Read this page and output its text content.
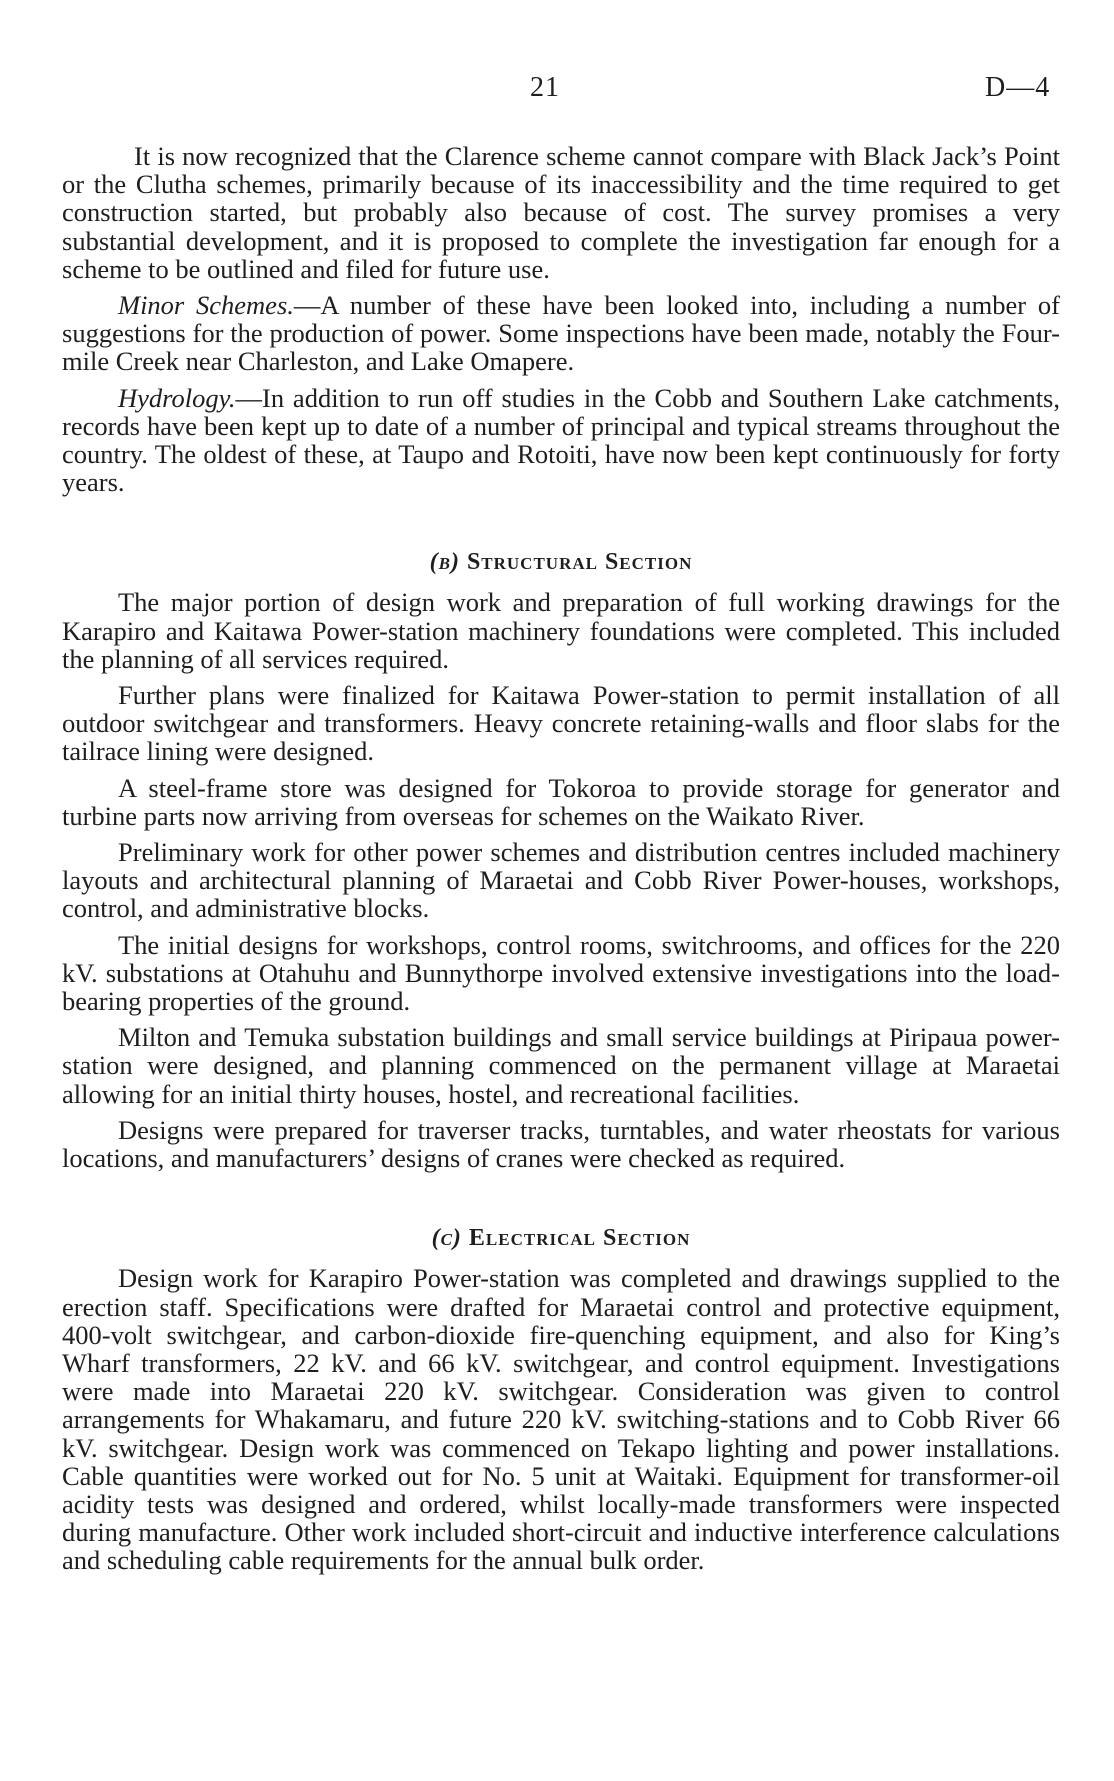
21	D—4

It is now recognized that the Clarence scheme cannot compare with Black Jack’s Point or the Clutha schemes, primarily because of its inaccessibility and the time required to get construction started, but probably also because of cost. The survey promises a very substantial development, and it is proposed to complete the investigation far enough for a scheme to be outlined and filed for future use.

Minor Schemes.—A number of these have been looked into, including a number of suggestions for the production of power. Some inspections have been made, notably the Four-mile Creek near Charleston, and Lake Omapere.

Hydrology.—In addition to run off studies in the Cobb and Southern Lake catchments, records have been kept up to date of a number of principal and typical streams throughout the country. The oldest of these, at Taupo and Rotoiti, have now been kept continuously for forty years.

(b) Structural Section

The major portion of design work and preparation of full working drawings for the Karapiro and Kaitawa Power-station machinery foundations were completed. This included the planning of all services required.

Further plans were finalized for Kaitawa Power-station to permit installation of all outdoor switchgear and transformers. Heavy concrete retaining-walls and floor slabs for the tailrace lining were designed.

A steel-frame store was designed for Tokoroa to provide storage for generator and turbine parts now arriving from overseas for schemes on the Waikato River.

Preliminary work for other power schemes and distribution centres included machinery layouts and architectural planning of Maraetai and Cobb River Power-houses, workshops, control, and administrative blocks.

The initial designs for workshops, control rooms, switchrooms, and offices for the 220 kV. substations at Otahuhu and Bunnythorpe involved extensive investigations into the load-bearing properties of the ground.

Milton and Temuka substation buildings and small service buildings at Piripaua power-station were designed, and planning commenced on the permanent village at Maraetai allowing for an initial thirty houses, hostel, and recreational facilities.

Designs were prepared for traverser tracks, turntables, and water rheostats for various locations, and manufacturers’ designs of cranes were checked as required.

(c) Electrical Section

Design work for Karapiro Power-station was completed and drawings supplied to the erection staff. Specifications were drafted for Maraetai control and protective equipment, 400-volt switchgear, and carbon-dioxide fire-quenching equipment, and also for King’s Wharf transformers, 22 kV. and 66 kV. switchgear, and control equipment. Investigations were made into Maraetai 220 kV. switchgear. Consideration was given to control arrangements for Whakamaru, and future 220 kV. switching-stations and to Cobb River 66 kV. switchgear. Design work was commenced on Tekapo lighting and power installations. Cable quantities were worked out for No. 5 unit at Waitaki. Equipment for transformer-oil acidity tests was designed and ordered, whilst locally-made transformers were inspected during manufacture. Other work included short-circuit and inductive interference calculations and scheduling cable requirements for the annual bulk order.
